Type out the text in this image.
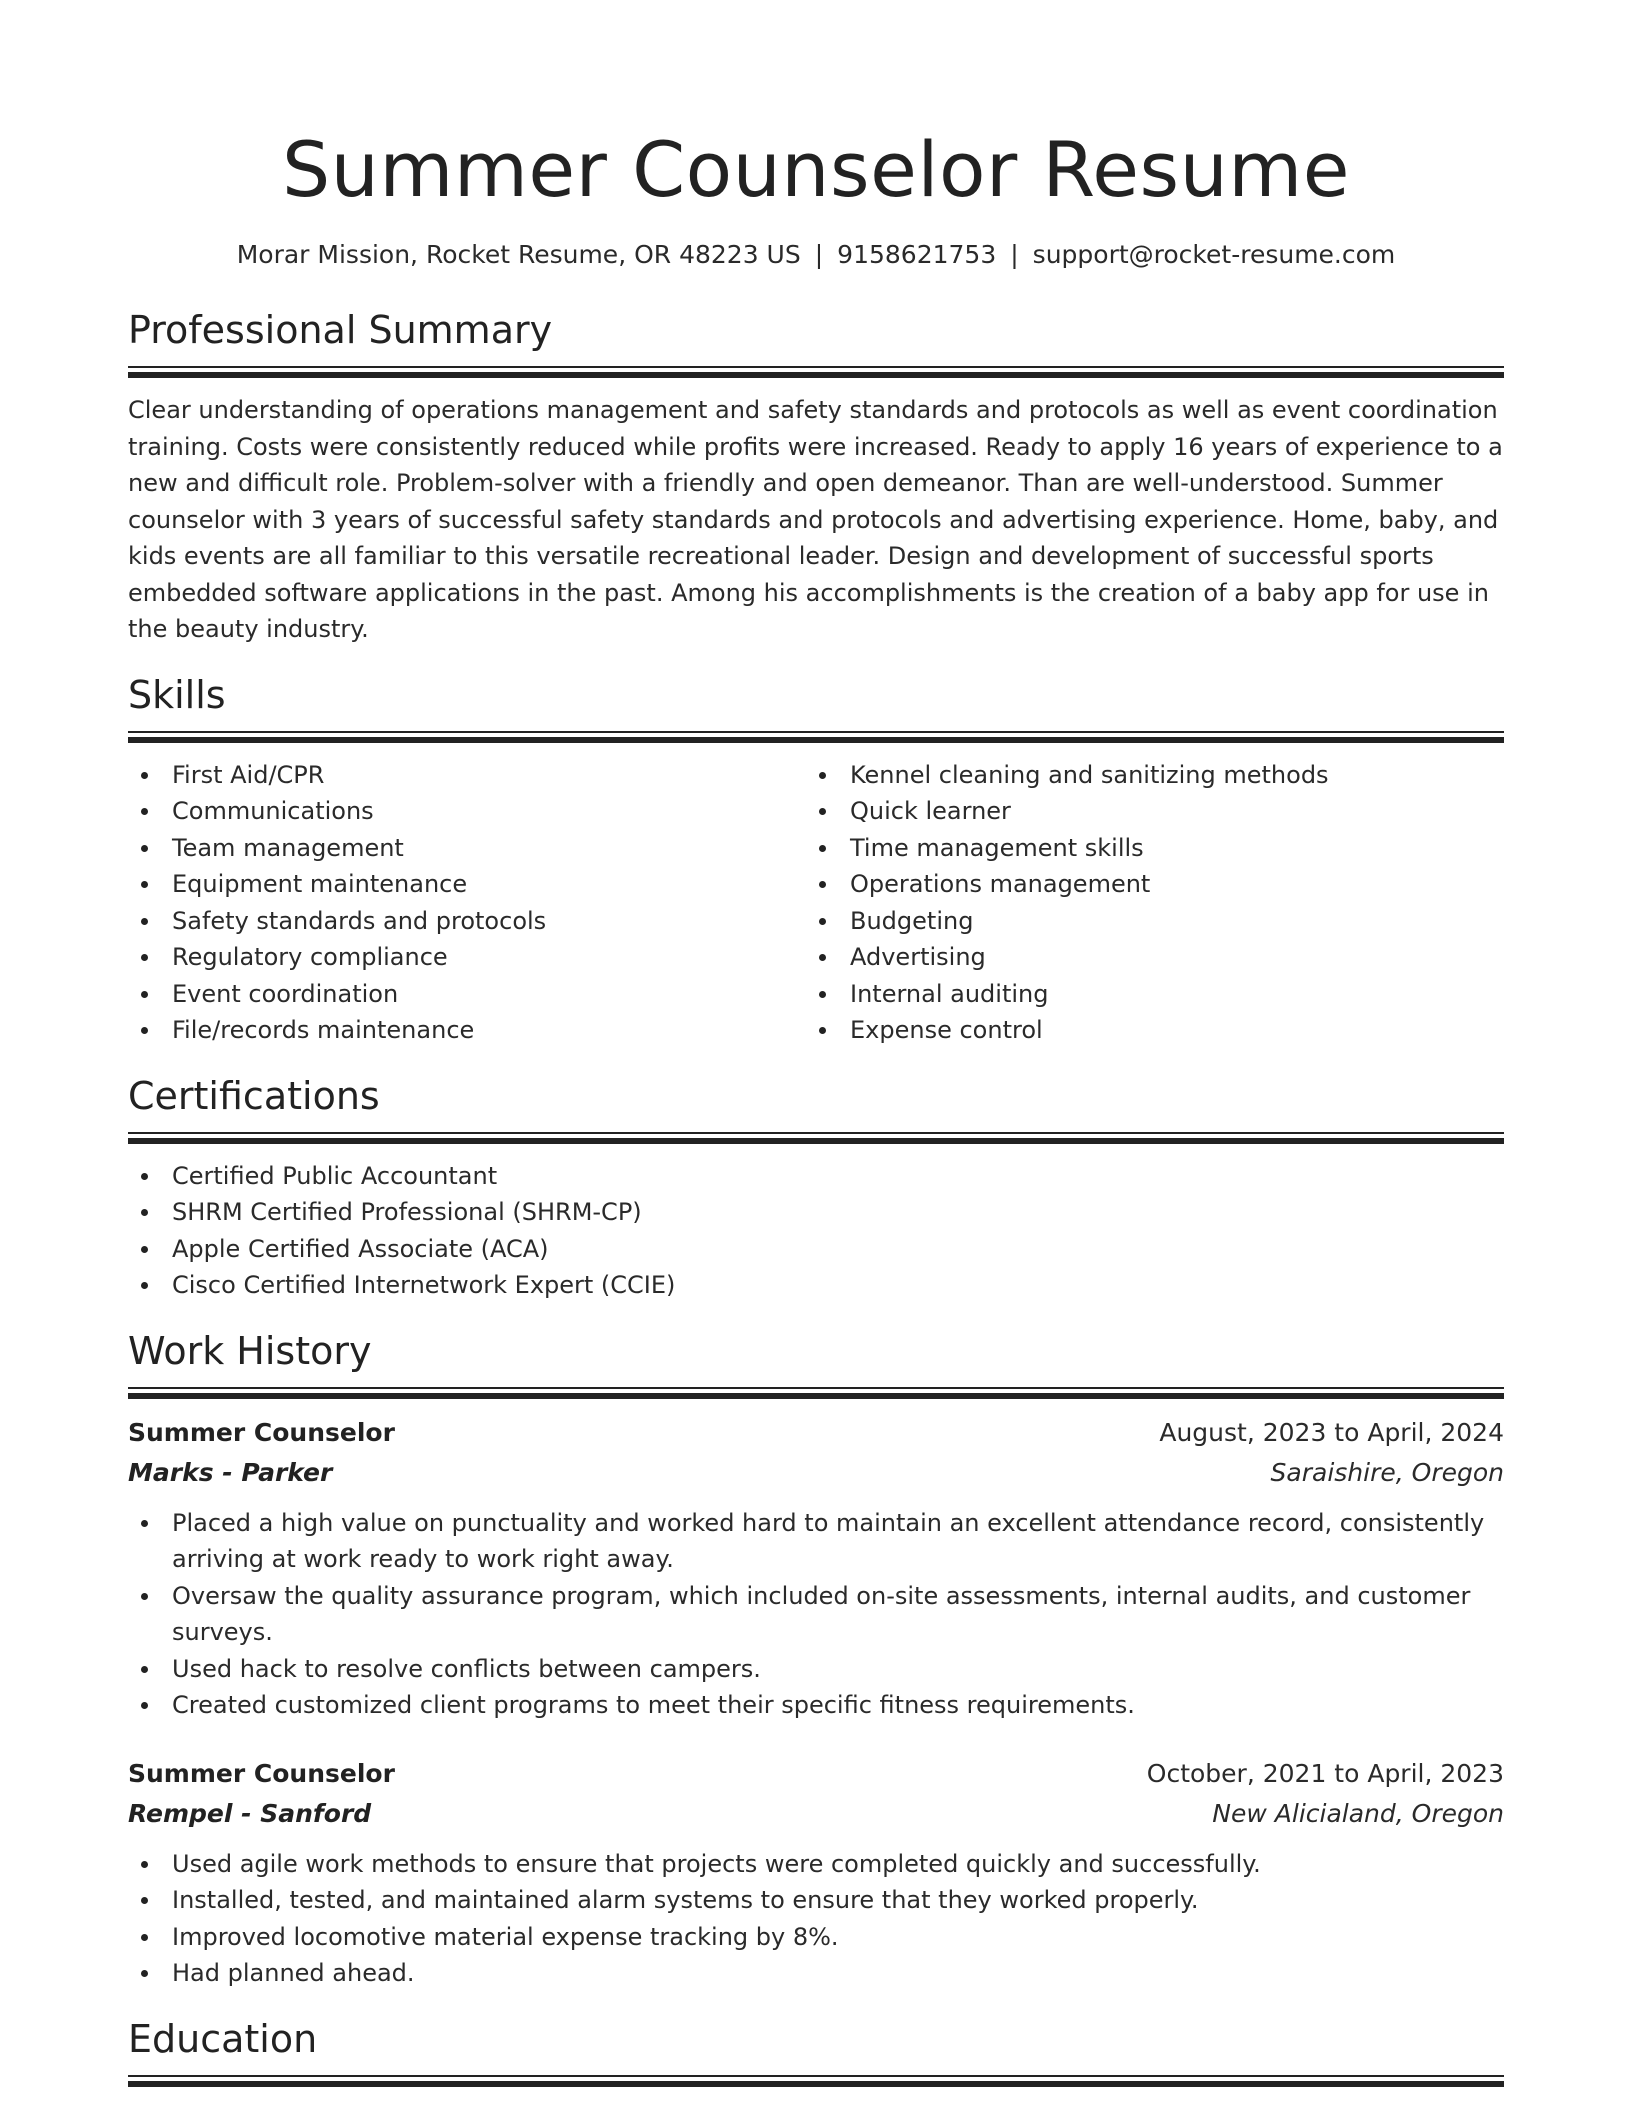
Summer Counselor Resume
Morar Mission, Rocket Resume, OR 48223 US | 9158621753 | support@rocket-resume.com
Professional Summary

Clear understanding of operations management and safety standards and protocols as well as event coordination training. Costs were consistently reduced while profits were increased. Ready to apply 16 years of experience to a new and difficult role. Problem-solver with a friendly and open demeanor. Than are well-understood. Summer counselor with 3 years of successful safety standards and protocols and advertising experience. Home, baby, and kids events are all familiar to this versatile recreational leader. Design and development of successful sports embedded software applications in the past. Among his accomplishments is the creation of a baby app for use in the beauty industry.

Skills
First Aid/CPR
Communications
Team management
Equipment maintenance
Safety standards and protocols
Regulatory compliance
Event coordination
File/records maintenance
Kennel cleaning and sanitizing methods
Quick learner
Time management skills
Operations management
Budgeting
Advertising
Internal auditing
Expense control
Certifications
Certified Public Accountant
SHRM Certified Professional (SHRM-CP)
Apple Certified Associate (ACA)
Cisco Certified Internetwork Expert (CCIE)
Work History
Summer Counselor	August, 2023 to April, 2024
Marks - Parker	Saraishire, Oregon
Placed a high value on punctuality and worked hard to maintain an excellent attendance record, consistently arriving at work ready to work right away.
Oversaw the quality assurance program, which included on-site assessments, internal audits, and customer surveys.
Used hack to resolve conflicts between campers.
Created customized client programs to meet their specific fitness requirements.
Summer Counselor	October, 2021 to April, 2023
Rempel - Sanford	New Alicialand, Oregon
Used agile work methods to ensure that projects were completed quickly and successfully.
Installed, tested, and maintained alarm systems to ensure that they worked properly.
Improved locomotive material expense tracking by 8%.
Had planned ahead.
Education
